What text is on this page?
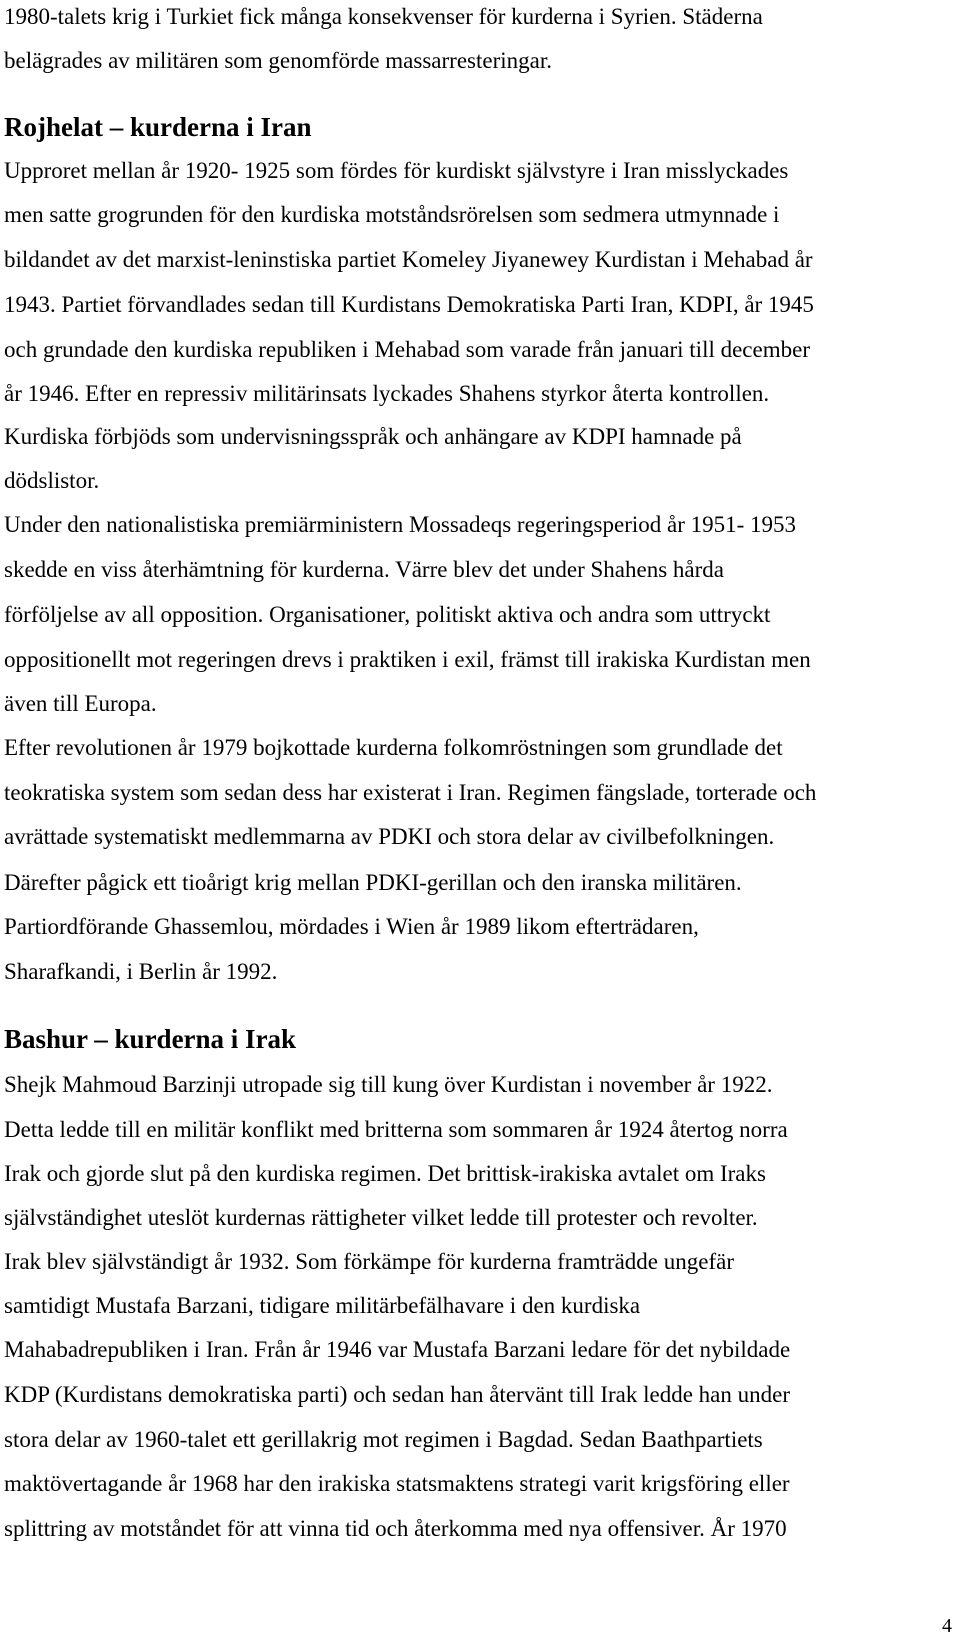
1980-talets krig i Turkiet fick många konsekvenser för kurderna i Syrien. Städerna
belägrades av militären som genomförde massarresteringar.
Rojhelat – kurderna i Iran
Upproret mellan år 1920- 1925 som fördes för kurdiskt självstyre i Iran misslyckades
men satte grogrunden för den kurdiska motståndsrörelsen som sedmera utmynnade i
bildandet av det marxist-leninstiska partiet Komeley Jiyanewey Kurdistan i Mehabad år
1943. Partiet förvandlades sedan till Kurdistans Demokratiska Parti Iran, KDPI, år 1945
och grundade den kurdiska republiken i Mehabad som varade från januari till december
år 1946. Efter en repressiv militärinsats lyckades Shahens styrkor återta kontrollen.
Kurdiska förbjöds som undervisningsspråk och anhängare av KDPI hamnade på
dödslistor.
Under den nationalistiska premiärministern Mossadeqs regeringsperiod år 1951- 1953
skedde en viss återhämtning för kurderna. Värre blev det under Shahens hårda
förföljelse av all opposition. Organisationer, politiskt aktiva och andra som uttryckt
oppositionellt mot regeringen drevs i praktiken i exil, främst till irakiska Kurdistan men
även till Europa.
Efter revolutionen år 1979 bojkottade kurderna folkomröstningen som grundlade det
teokratiska system som sedan dess har existerat i Iran. Regimen fängslade, torterade och
avrättade systematiskt medlemmarna av PDKI och stora delar av civilbefolkningen.
Därefter pågick ett tioårigt krig mellan PDKI-gerillan och den iranska militären.
Partiordförande Ghassemlou, mördades i Wien år 1989 likom efterträdaren,
Sharafkandi, i Berlin år 1992.
Bashur – kurderna i Irak
Shejk Mahmoud Barzinji utropade sig till kung över Kurdistan i november år 1922.
Detta ledde till en militär konflikt med britterna som sommaren år 1924 återtog norra
Irak och gjorde slut på den kurdiska regimen. Det brittisk-irakiska avtalet om Iraks
självständighet uteslöt kurdernas rättigheter vilket ledde till protester och revolter.
Irak blev självständigt år 1932. Som förkämpe för kurderna framträdde ungefär
samtidigt Mustafa Barzani, tidigare militärbefälhavare i den kurdiska
Mahabadrepubliken i Iran. Från år 1946 var Mustafa Barzani ledare för det nybildade
KDP (Kurdistans demokratiska parti) och sedan han återvänt till Irak ledde han under
stora delar av 1960-talet ett gerillakrig mot regimen i Bagdad. Sedan Baathpartiets
maktövertagande år 1968 har den irakiska statsmaktens strategi varit krigsföring eller
splittring av motståndet för att vinna tid och återkomma med nya offensiver. År 1970
4
